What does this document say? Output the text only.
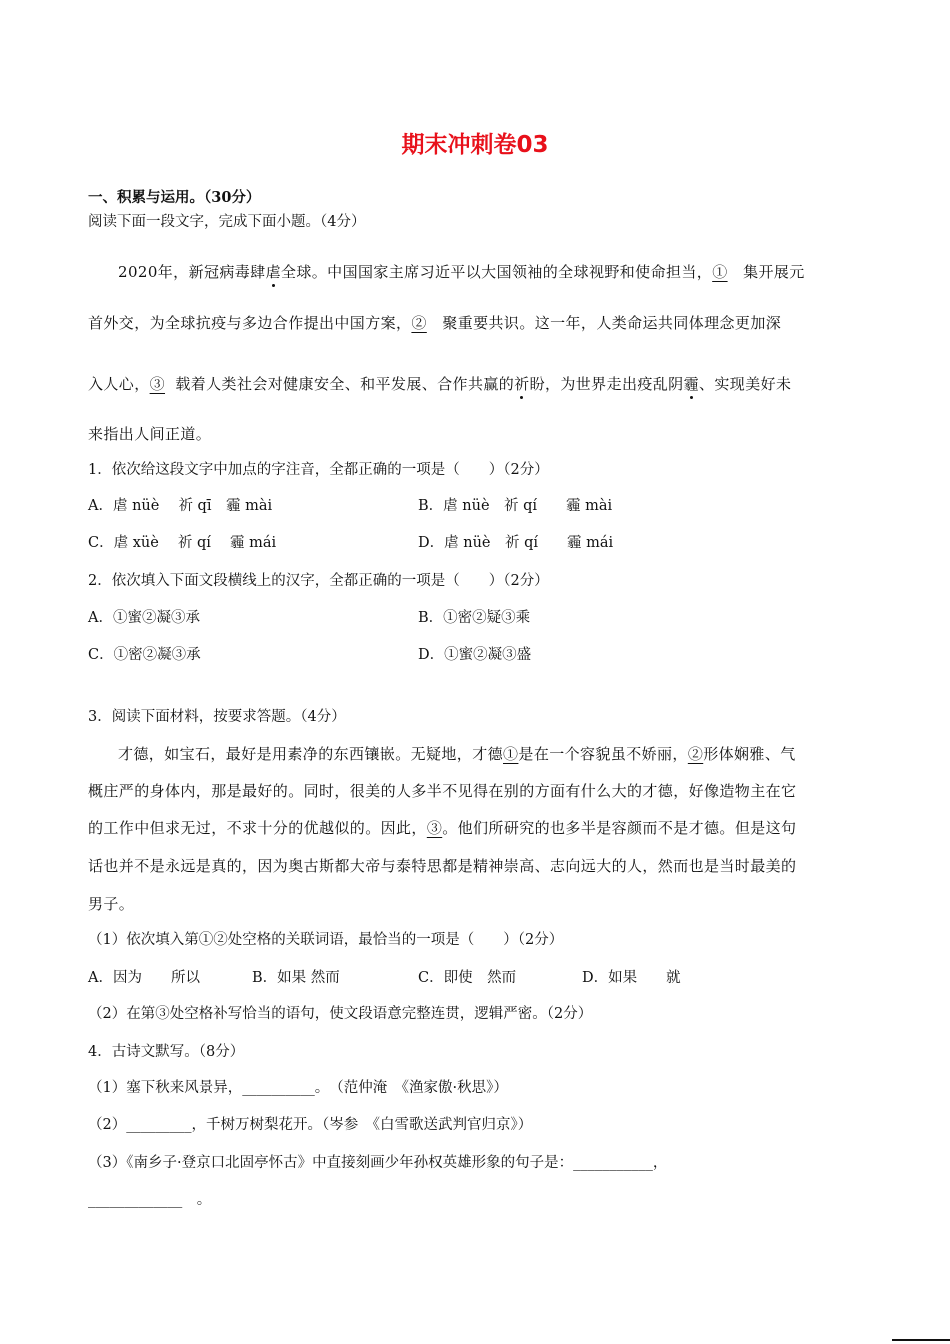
期末冲刺卷03
一、积累与运用。（30分）
阅读下面一段文字，完成下面小题。（4分）
2020年，新冠病毒肆虐全球。中国国家主席习近平以大国领袖的全球视野和使命担当，① 集开展元
首外交，为全球抗疫与多边合作提出中国方案，② 聚重要共识。这一年，人类命运共同体理念更加深
入人心，③ 载着人类社会对健康安全、和平发展、合作共赢的祈盼，为世界走出疫乱阴霾、实现美好未
来指出人间正道。
1．依次给这段文字中加点的字注音，全都正确的一项是（　　）（2分）
A．虐 nüè　 祈 qī　霾 mài	B．虐 nüè　祈 qí　　霾 mài
C．虐 xüè　 祈 qí　 霾 mái	D．虐 nüè　祈 qí　　霾 mái
2．依次填入下面文段横线上的汉字，全都正确的一项是（　　）（2分）
A．①蜜②凝③承	B．①密②疑③乘
C．①密②凝③承	D．①蜜②凝③盛
3．阅读下面材料，按要求答题。（4分）
才德，如宝石，最好是用素净的东西镶嵌。无疑地，才德①是在一个容貌虽不娇丽，②形体娴雅、气
概庄严的身体内，那是最好的。同时，很美的人多半不见得在别的方面有什么大的才德，好像造物主在它
的工作中但求无过，不求十分的优越似的。因此，③。他们所研究的也多半是容颜而不是才德。但是这句
话也并不是永远是真的，因为奥古斯都大帝与泰特思都是精神崇高、志向远大的人，然而也是当时最美的
男子。
（1）依次填入第①②处空格的关联词语，最恰当的一项是（　　）（2分）
A．因为　　所以	B．如果 然而	C．即使　然而	D．如果　　就
（2）在第③处空格补写恰当的语句，使文段语意完整连贯，逻辑严密。（2分）
4．古诗文默写。（8分）
（1）塞下秋来风景异，__________。　（范仲淹　《渔家傲·秋思》）
（2）_________，千树万树梨花开。（岑参　《白雪歌送武判官归京》）
（3）《南乡子·登京口北固亭怀古》中直接刻画少年孙权英雄形象的句子是：___________，
_____________　。
